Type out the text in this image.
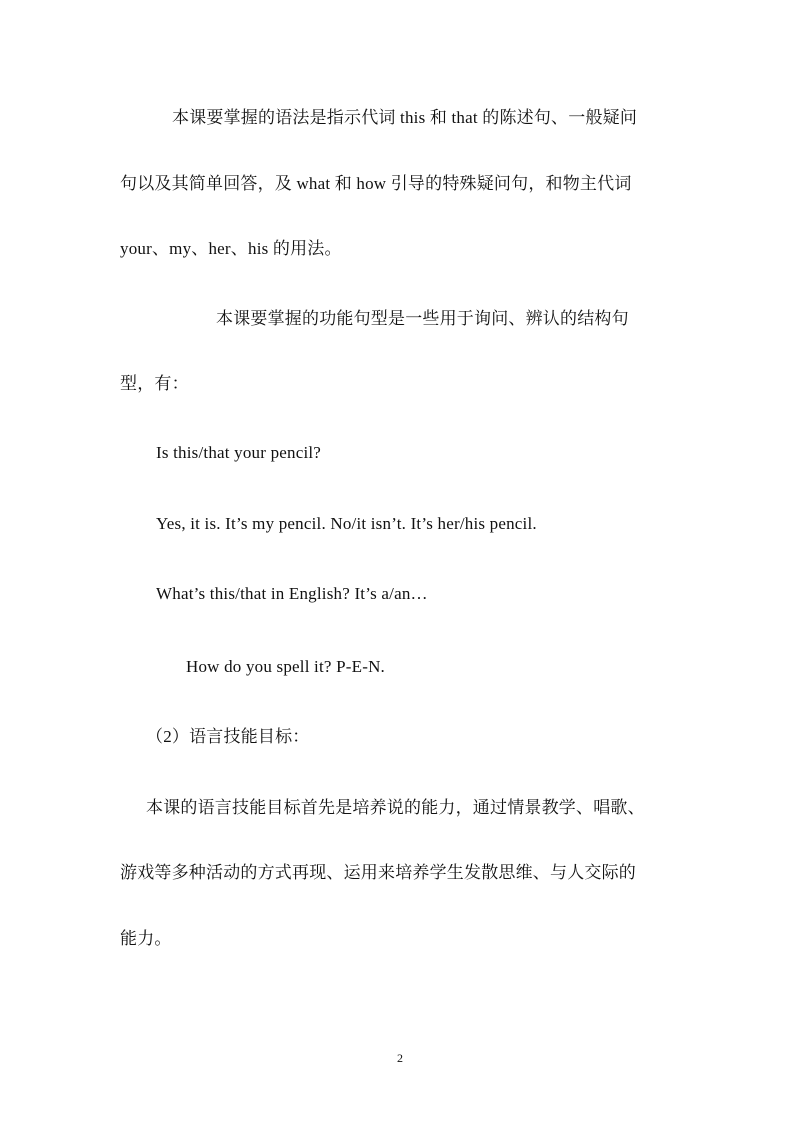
本课要掌握的语法是指示代词 this 和 that 的陈述句、一般疑问
句以及其简单回答，及 what 和 how 引导的特殊疑问句，和物主代词
your、my、her、his 的用法。
本课要掌握的功能句型是一些用于询问、辨认的结构句
型，有：
Is this/that your pencil?
Yes, it is. It’s my pencil. No/it isn’t. It’s her/his pencil.
What’s this/that in English? It’s a/an…
How do you spell it? P-E-N.
（2）语言技能目标：
本课的语言技能目标首先是培养说的能力，通过情景教学、唱歌、
游戏等多种活动的方式再现、运用来培养学生发散思维、与人交际的
能力。
2
